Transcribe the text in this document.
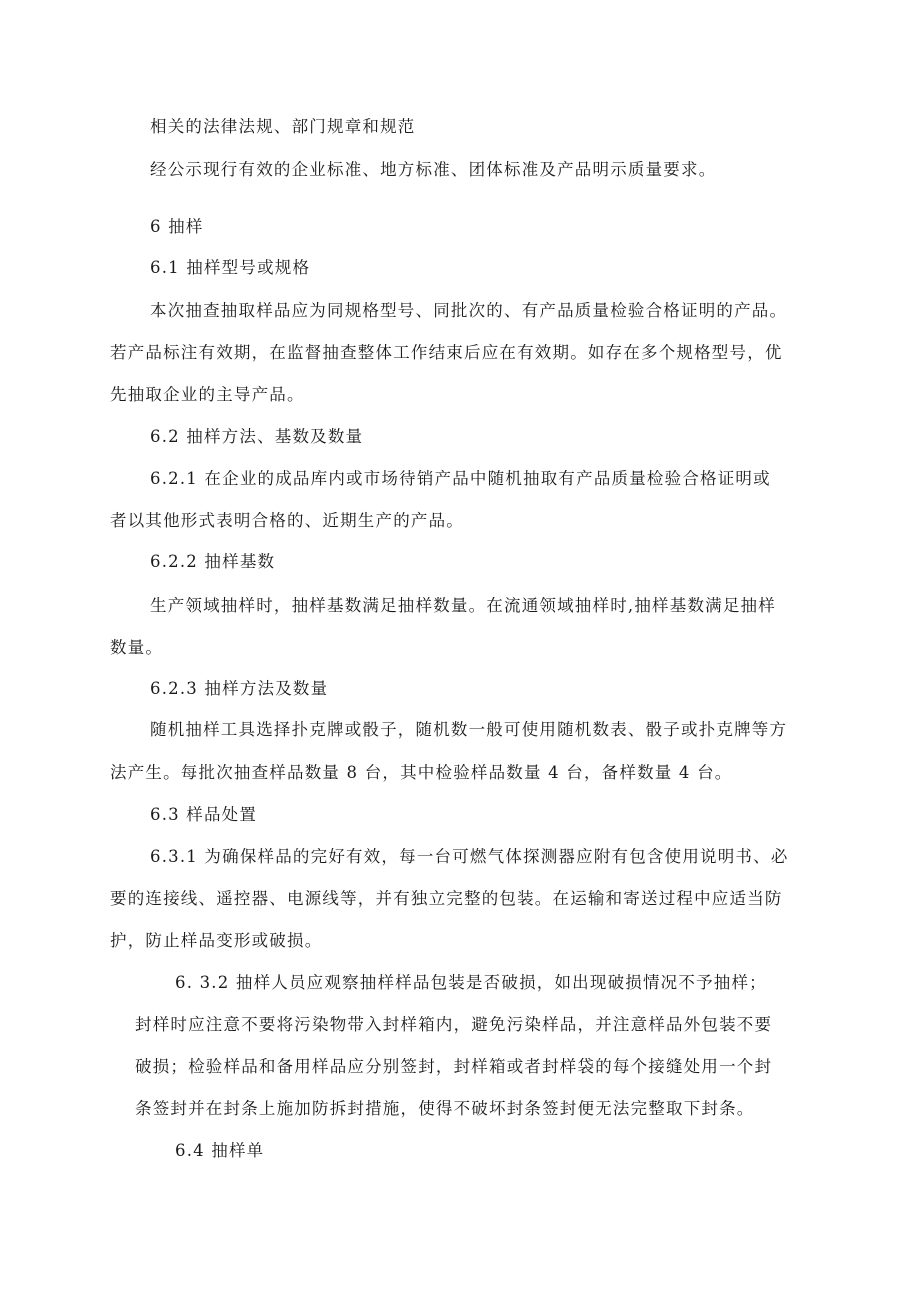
相关的法律法规、部门规章和规范

经公示现行有效的企业标准、地方标准、团体标准及产品明示质量要求。

6 抽样

6.1 抽样型号或规格

本次抽查抽取样品应为同规格型号、同批次的、有产品质量检验合格证明的产品。

若产品标注有效期，在监督抽查整体工作结束后应在有效期。如存在多个规格型号，优

先抽取企业的主导产品。

6.2 抽样方法、基数及数量

6.2.1 在企业的成品库内或市场待销产品中随机抽取有产品质量检验合格证明或

者以其他形式表明合格的、近期生产的产品。

6.2.2 抽样基数

生产领域抽样时，抽样基数满足抽样数量。在流通领域抽样时,抽样基数满足抽样

数量。

6.2.3 抽样方法及数量

随机抽样工具选择扑克牌或骰子，随机数一般可使用随机数表、骰子或扑克牌等方

法产生。每批次抽查样品数量 8 台，其中检验样品数量 4 台，备样数量 4 台。

6.3 样品处置

6.3.1 为确保样品的完好有效，每一台可燃气体探测器应附有包含使用说明书、必

要的连接线、遥控器、电源线等，并有独立完整的包装。在运输和寄送过程中应适当防

护，防止样品变形或破损。

6. 3.2 抽样人员应观察抽样样品包装是否破损，如出现破损情况不予抽样；

封样时应注意不要将污染物带入封样箱内，避免污染样品，并注意样品外包装不要

破损；检验样品和备用样品应分别签封，封样箱或者封样袋的每个接缝处用一个封

条签封并在封条上施加防拆封措施，使得不破坏封条签封便无法完整取下封条。

6.4 抽样单
